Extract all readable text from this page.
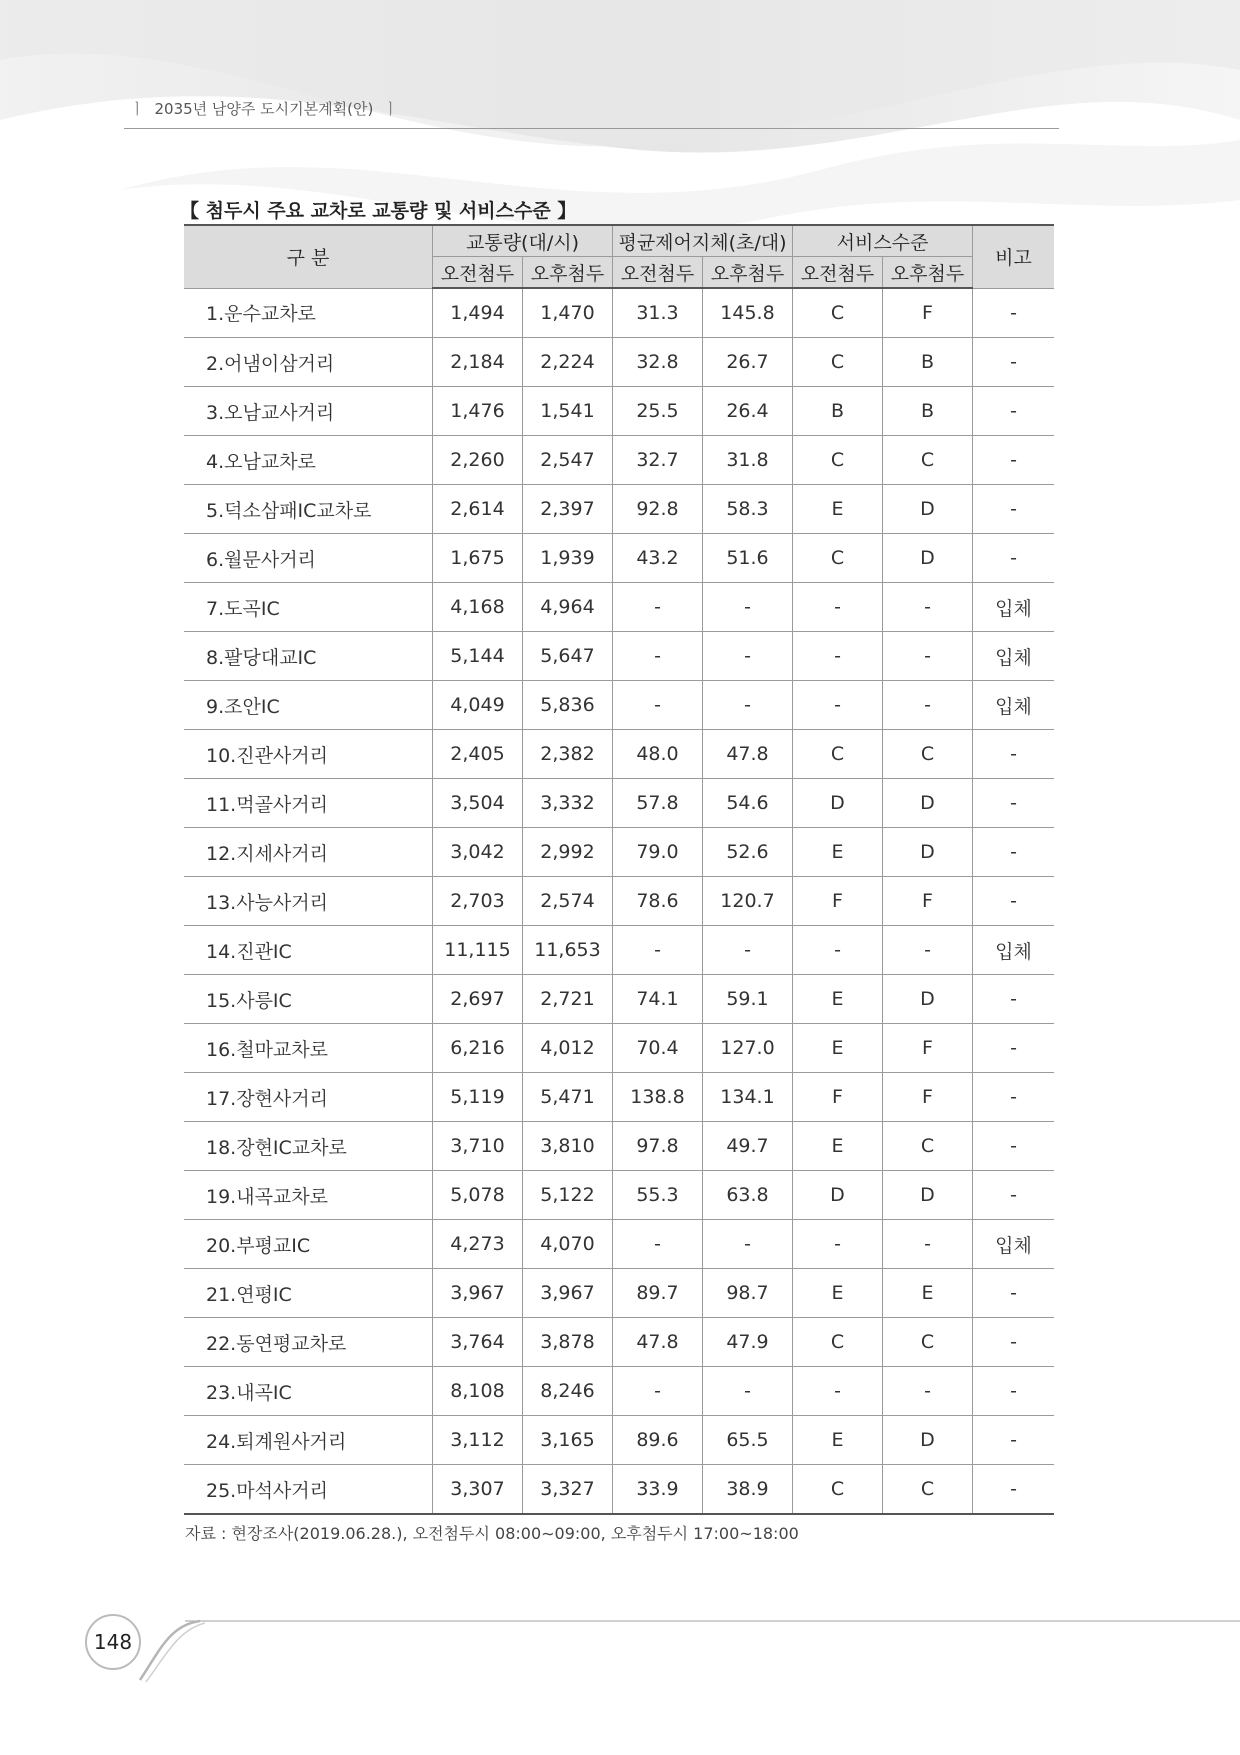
ㅣ 2035년 남양주 도시기본계획(안) ㅣ
【 첨두시 주요 교차로 교통량 및 서비스수준 】
구 분	교통량(대/시)		평균제어지체(초/대)		서비스수준		비고
	오전첨두	오후첨두	오전첨두	오후첨두	오전첨두	오후첨두	
1.운수교차로	1,494	1,470	31.3	145.8	C	F	-
2.어냄이삼거리	2,184	2,224	32.8	26.7	C	B	-
3.오남교사거리	1,476	1,541	25.5	26.4	B	B	-
4.오남교차로	2,260	2,547	32.7	31.8	C	C	-
5.덕소삼패IC교차로	2,614	2,397	92.8	58.3	E	D	-
6.월문사거리	1,675	1,939	43.2	51.6	C	D	-
7.도곡IC	4,168	4,964	-	-	-	-	입체
8.팔당대교IC	5,144	5,647	-	-	-	-	입체
9.조안IC	4,049	5,836	-	-	-	-	입체
10.진관사거리	2,405	2,382	48.0	47.8	C	C	-
11.먹골사거리	3,504	3,332	57.8	54.6	D	D	-
12.지세사거리	3,042	2,992	79.0	52.6	E	D	-
13.사능사거리	2,703	2,574	78.6	120.7	F	F	-
14.진관IC	11,115	11,653	-	-	-	-	입체
15.사릉IC	2,697	2,721	74.1	59.1	E	D	-
16.철마교차로	6,216	4,012	70.4	127.0	E	F	-
17.장현사거리	5,119	5,471	138.8	134.1	F	F	-
18.장현IC교차로	3,710	3,810	97.8	49.7	E	C	-
19.내곡교차로	5,078	5,122	55.3	63.8	D	D	-
20.부평교IC	4,273	4,070	-	-	-	-	입체
21.연평IC	3,967	3,967	89.7	98.7	E	E	-
22.동연평교차로	3,764	3,878	47.8	47.9	C	C	-
23.내곡IC	8,108	8,246	-	-	-	-	-
24.퇴계원사거리	3,112	3,165	89.6	65.5	E	D	-
25.마석사거리	3,307	3,327	33.9	38.9	C	C	-
자료 : 현장조사(2019.06.28.), 오전첨두시 08:00∼09:00, 오후첨두시 17:00~18:00
148
